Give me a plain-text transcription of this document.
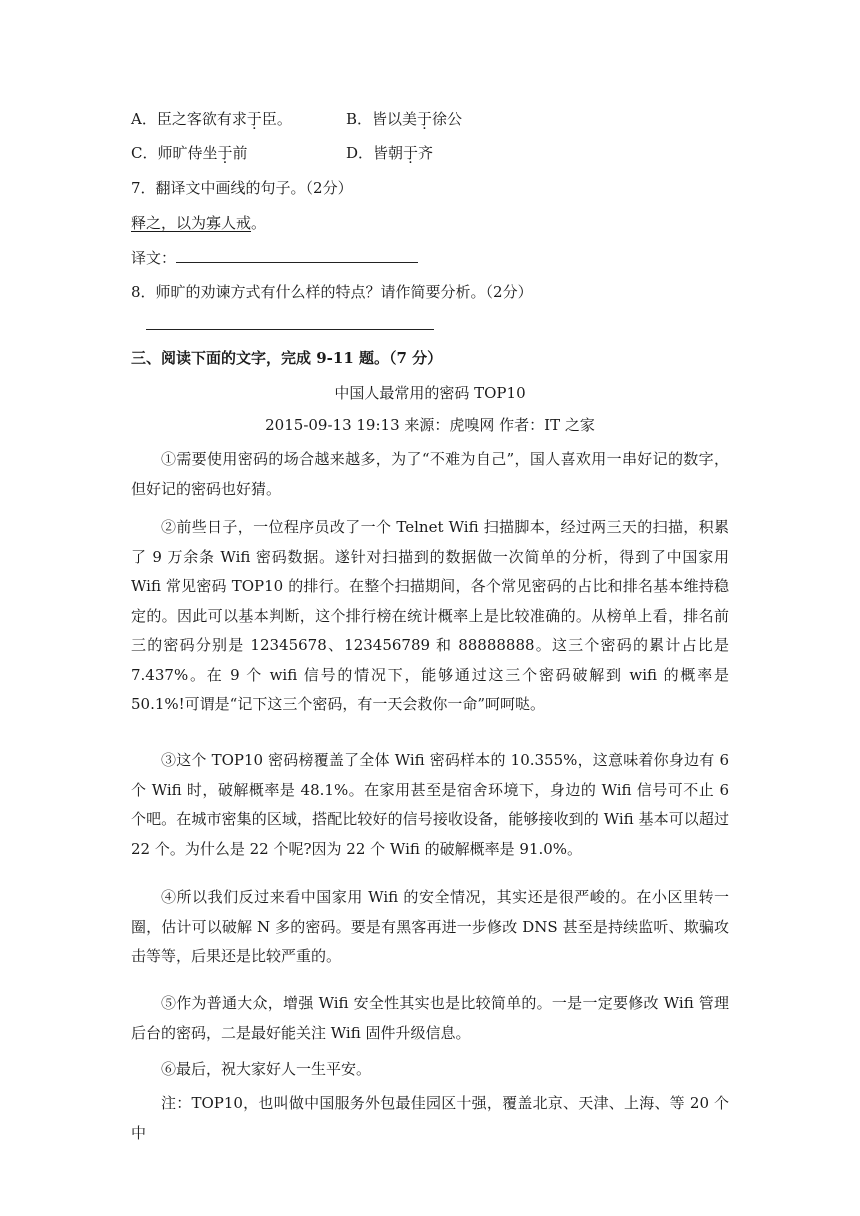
A．臣之客欲有求于臣。	B．皆以美于徐公
C．师旷侍坐于前	D．皆朝于齐
7．翻译文中画线的句子。（2分）
释之，以为寡人戒。
译文：
8．师旷的劝谏方式有什么样的特点？请作简要分析。（2分）
三、阅读下面的文字，完成 9-11 题。（7 分）
中国人最常用的密码 TOP10
2015-09-13 19:13 来源：虎嗅网 作者：IT 之家
①需要使用密码的场合越来越多，为了“不难为自己”，国人喜欢用一串好记的数字，但好记的密码也好猜。
②前些日子，一位程序员改了一个 Telnet Wifi 扫描脚本，经过两三天的扫描，积累了 9 万余条 Wifi 密码数据。遂针对扫描到的数据做一次简单的分析，得到了中国家用 Wifi 常见密码 TOP10 的排行。在整个扫描期间，各个常见密码的占比和排名基本维持稳定的。因此可以基本判断，这个排行榜在统计概率上是比较准确的。从榜单上看，排名前三的密码分别是 12345678、123456789 和 88888888。这三个密码的累计占比是 7.437%。在 9 个 wifi 信号的情况下，能够通过这三个密码破解到 wifi 的概率是 50.1%!可谓是“记下这三个密码，有一天会救你一命”呵呵哒。
③这个 TOP10 密码榜覆盖了全体 Wifi 密码样本的 10.355%，这意味着你身边有 6 个 Wifi 时，破解概率是 48.1%。在家用甚至是宿舍环境下，身边的 Wifi 信号可不止 6 个吧。在城市密集的区域，搭配比较好的信号接收设备，能够接收到的 Wifi 基本可以超过 22 个。为什么是 22 个呢?因为 22 个 Wifi 的破解概率是 91.0%。
④所以我们反过来看中国家用 Wifi 的安全情况，其实还是很严峻的。在小区里转一圈，估计可以破解 N 多的密码。要是有黑客再进一步修改 DNS 甚至是持续监听、欺骗攻击等等，后果还是比较严重的。
⑤作为普通大众，增强 Wifi 安全性其实也是比较简单的。一是一定要修改 Wifi 管理后台的密码，二是最好能关注 Wifi 固件升级信息。
⑥最后，祝大家好人一生平安。
注：TOP10，也叫做中国服务外包最佳园区十强，覆盖北京、天津、上海、等 20 个中
